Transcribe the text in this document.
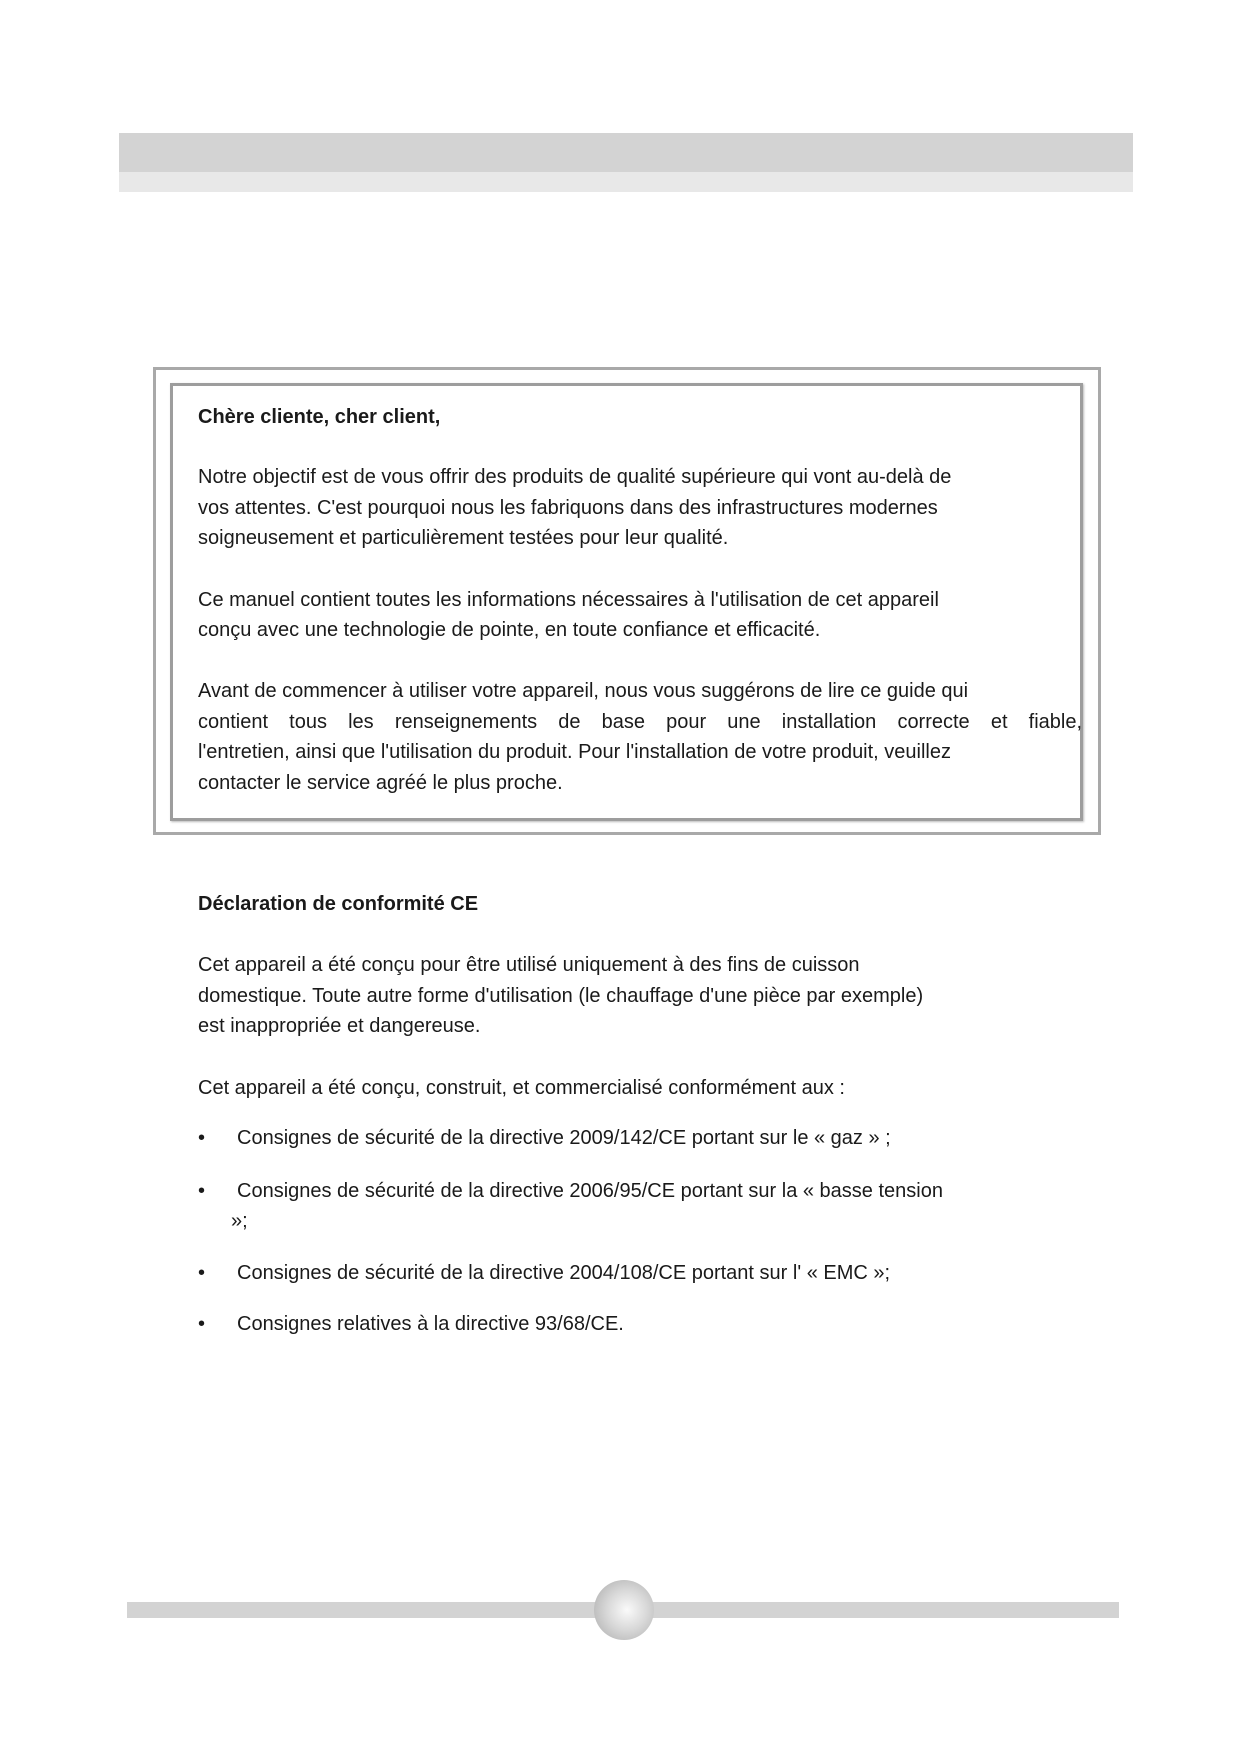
Chère cliente, cher client,
Notre objectif est de vous offrir des produits de qualité supérieure qui vont au-delà de
vos attentes. C'est pourquoi nous les fabriquons dans des infrastructures modernes
soigneusement et particulièrement testées pour leur qualité.
Ce manuel contient toutes les informations nécessaires à l'utilisation de cet appareil
conçu avec une technologie de pointe, en toute confiance et efficacité.
Avant de commencer à utiliser votre appareil, nous vous suggérons de lire ce guide qui
contient tous les renseignements de base pour une installation correcte et fiable,
l'entretien, ainsi que l'utilisation du produit. Pour l'installation de votre produit, veuillez
contacter le service agréé le plus proche.
Déclaration de conformité CE
Cet appareil a été conçu pour être utilisé uniquement à des fins de cuisson
domestique. Toute autre forme d'utilisation (le chauffage d'une pièce par exemple)
est inappropriée et dangereuse.
Cet appareil a été conçu, construit, et commercialisé conformément aux :
• Consignes de sécurité de la directive 2009/142/CE portant sur le « gaz » ;
• Consignes de sécurité de la directive 2006/95/CE portant sur la « basse tension
»;
• Consignes de sécurité de la directive 2004/108/CE portant sur l' « EMC »;
• Consignes relatives à la directive 93/68/CE.
